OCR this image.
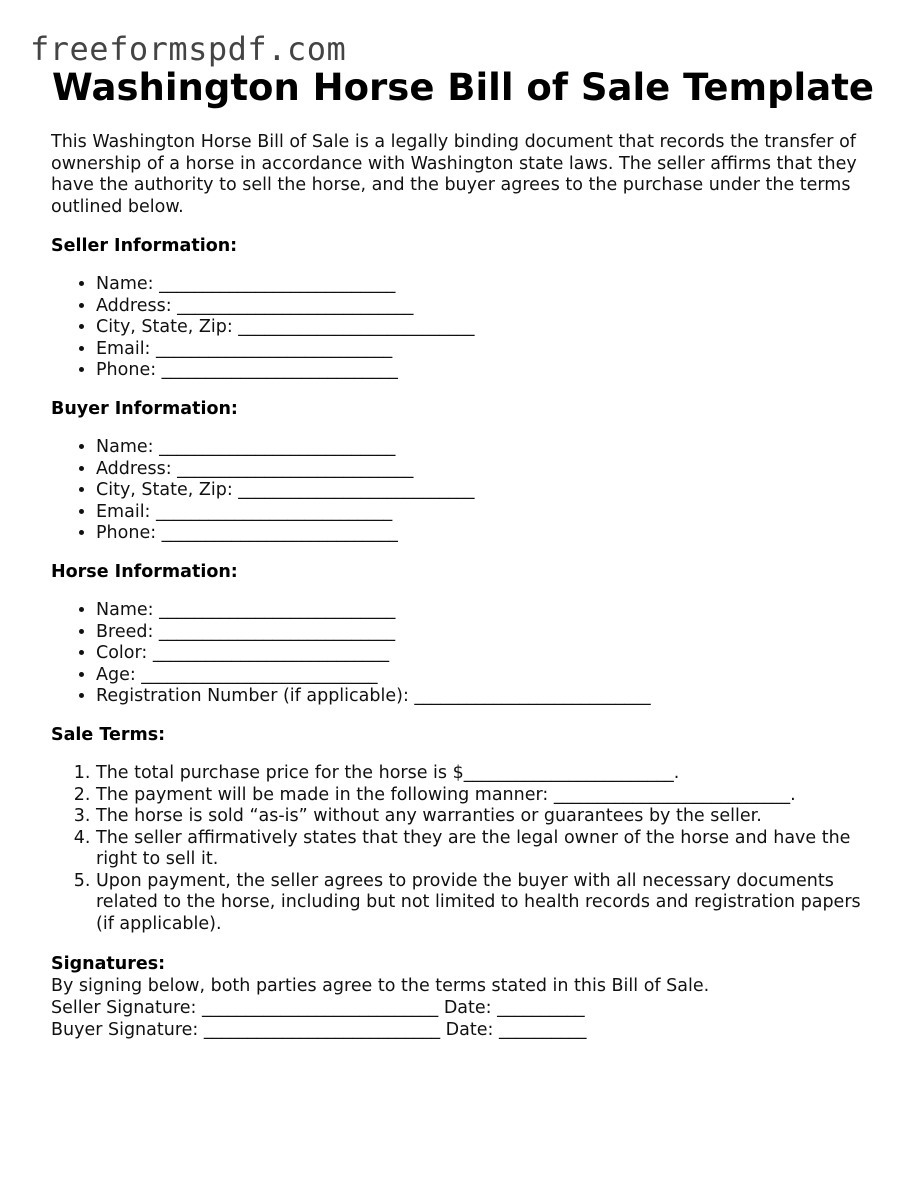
freeformspdf.com
Washington Horse Bill of Sale Template

This Washington Horse Bill of Sale is a legally binding document that records the transfer of ownership of a horse in accordance with Washington state laws. The seller affirms that they have the authority to sell the horse, and the buyer agrees to the purchase under the terms outlined below.

Seller Information:
• Name: ___________________________
• Address: ___________________________
• City, State, Zip: ___________________________
• Email: ___________________________
• Phone: ___________________________
Buyer Information:
• Name: ___________________________
• Address: ___________________________
• City, State, Zip: ___________________________
• Email: ___________________________
• Phone: ___________________________
Horse Information:
• Name: ___________________________
• Breed: ___________________________
• Color: ___________________________
• Age: ___________________________
• Registration Number (if applicable): ___________________________
Sale Terms:
1. The total purchase price for the horse is $________________________.
2. The payment will be made in the following manner: ___________________________.
3. The horse is sold “as-is” without any warranties or guarantees by the seller.
4. The seller affirmatively states that they are the legal owner of the horse and have the right to sell it.
5. Upon payment, the seller agrees to provide the buyer with all necessary documents related to the horse, including but not limited to health records and registration papers (if applicable).
Signatures:

By signing below, both parties agree to the terms stated in this Bill of Sale.

Seller Signature: ___________________________ Date: __________

Buyer Signature: ___________________________ Date: __________
